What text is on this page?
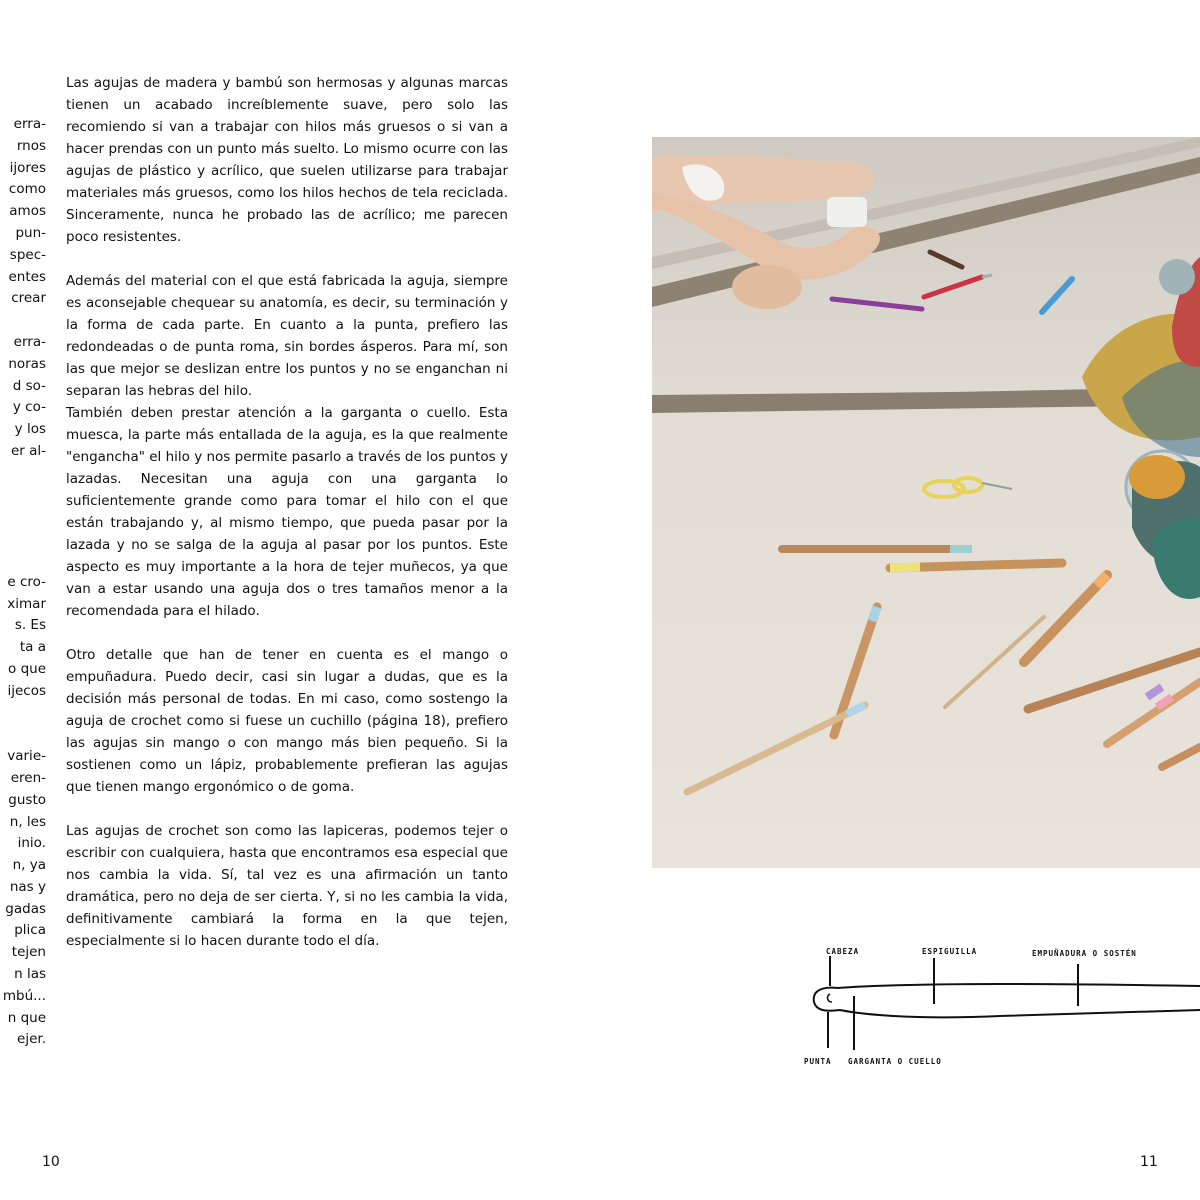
erra-
rnos
ijores
como
amos
pun-
spec-
entes
crear
erra-
noras
d so-
y co-
y los
er al-
e cro-
ximar
s. Es
ta a
o que
ijecos
varie-
eren-
gusto
n, les
inio.
n, ya
nas y
gadas
plica
tejen
n las
mbú...
n que
ejer.

Las agujas de madera y bambú son hermosas y algunas marcas tienen un acabado increíblemente suave, pero solo las recomiendo si van a trabajar con hilos más gruesos o si van a hacer prendas con un punto más suelto. Lo mismo ocurre con las agujas de plástico y acrílico, que suelen utilizarse para trabajar materiales más gruesos, como los hilos hechos de tela reciclada. Sinceramente, nunca he probado las de acrílico; me parecen poco resistentes.

Además del material con el que está fabricada la aguja, siempre es aconsejable chequear su anatomía, es decir, su terminación y la forma de cada parte. En cuanto a la punta, prefiero las redondeadas o de punta roma, sin bordes ásperos. Para mí, son las que mejor se deslizan entre los puntos y no se enganchan ni separan las hebras del hilo.

También deben prestar atención a la garganta o cuello. Esta muesca, la parte más entallada de la aguja, es la que realmente "engancha" el hilo y nos permite pasarlo a través de los puntos y lazadas. Necesitan una aguja con una garganta lo suficientemente grande como para tomar el hilo con el que están trabajando y, al mismo tiempo, que pueda pasar por la lazada y no se salga de la aguja al pasar por los puntos. Este aspecto es muy importante a la hora de tejer muñecos, ya que van a estar usando una aguja dos o tres tamaños menor a la recomendada para el hilado.

Otro detalle que han de tener en cuenta es el mango o empuñadura. Puedo decir, casi sin lugar a dudas, que es la decisión más personal de todas. En mi caso, como sostengo la aguja de crochet como si fuese un cuchillo (página 18), prefiero las agujas sin mango o con mango más bien pequeño. Si la sostienen como un lápiz, probablemente prefieran las agujas que tienen mango ergonómico o de goma.

Las agujas de crochet son como las lapiceras, podemos tejer o escribir con cualquiera, hasta que encontramos esa especial que nos cambia la vida. Sí, tal vez es una afirmación un tanto dramática, pero no deja de ser cierta. Y, si no les cambia la vida, definitivamente cambiará la forma en la que tejen, especialmente si lo hacen durante todo el día.

10
CABEZA	ESPIGUILLA	EMPUÑADURA O SOSTÉN
PUNTA GARGANTA O CUELLO
11
